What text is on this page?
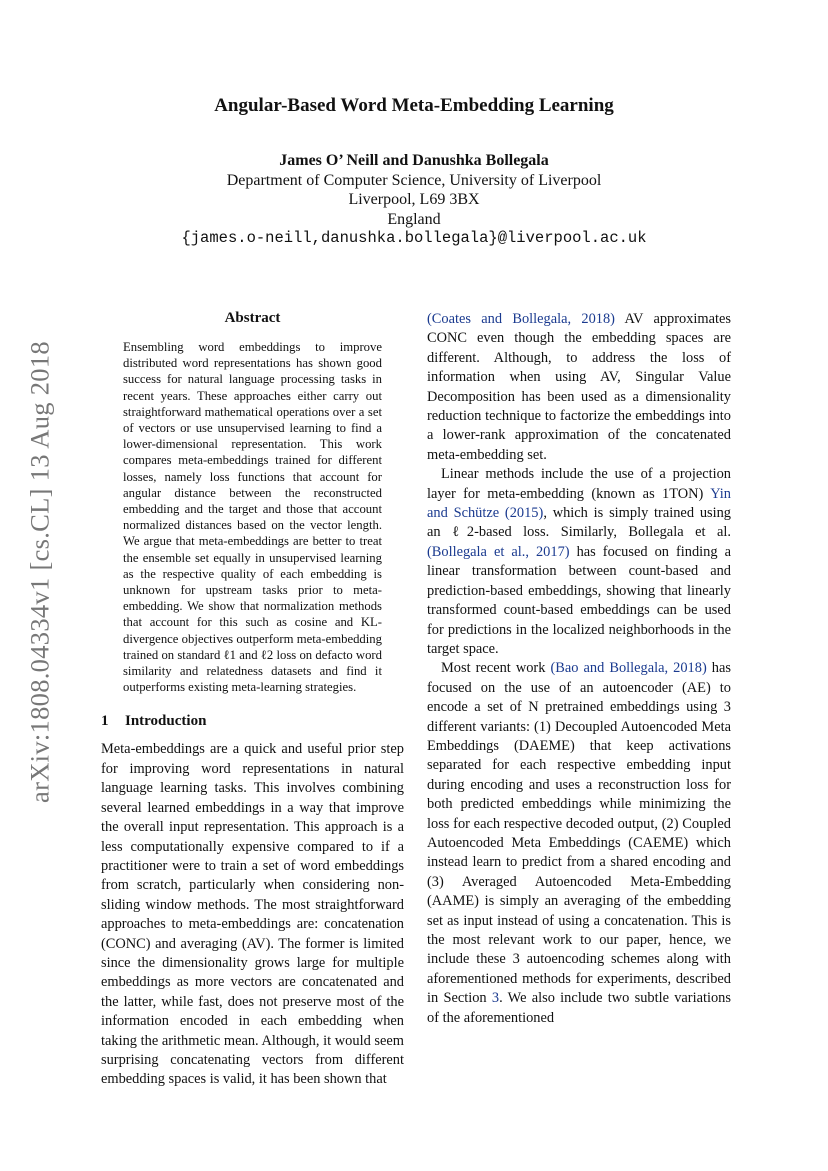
arXiv:1808.04334v1 [cs.CL] 13 Aug 2018
Angular-Based Word Meta-Embedding Learning
James O’ Neill and Danushka Bollegala
Department of Computer Science, University of Liverpool
Liverpool, L69 3BX
England
{james.o-neill,danushka.bollegala}@liverpool.ac.uk
Abstract

Ensembling word embeddings to improve distributed word representations has shown good success for natural language processing tasks in recent years. These approaches either carry out straightforward mathematical operations over a set of vectors or use unsupervised learning to find a lower-dimensional representation. This work compares meta-embeddings trained for different losses, namely loss functions that account for angular distance between the reconstructed embedding and the target and those that account normalized distances based on the vector length. We argue that meta-embeddings are better to treat the ensemble set equally in unsupervised learning as the respective quality of each embedding is unknown for upstream tasks prior to meta-embedding. We show that normalization methods that account for this such as cosine and KL-divergence objectives outperform meta-embedding trained on standard ℓ1 and ℓ2 loss on defacto word similarity and relatedness datasets and find it outperforms existing meta-learning strategies.

1 Introduction

Meta-embeddings are a quick and useful prior step for improving word representations in natural language learning tasks. This involves combining several learned embeddings in a way that improve the overall input representation. This approach is a less computationally expensive compared to if a practitioner were to train a set of word embeddings from scratch, particularly when considering non-sliding window methods. The most straightforward approaches to meta-embeddings are: concatenation (CONC) and averaging (AV). The former is limited since the dimensionality grows large for multiple embeddings as more vectors are concatenated and the latter, while fast, does not preserve most of the information encoded in each embedding when taking the arithmetic mean. Although, it would seem surprising concatenating vectors from different embedding spaces is valid, it has been shown that

(Coates and Bollegala, 2018) AV approximates CONC even though the embedding spaces are different. Although, to address the loss of information when using AV, Singular Value Decomposition has been used as a dimensionality reduction technique to factorize the embeddings into a lower-rank approximation of the concatenated meta-embedding set.

Linear methods include the use of a projection layer for meta-embedding (known as 1TON) Yin and Schütze (2015), which is simply trained using an ℓ2-based loss. Similarly, Bollegala et al. (Bollegala et al., 2017) has focused on finding a linear transformation between count-based and prediction-based embeddings, showing that linearly transformed count-based embeddings can be used for predictions in the localized neighborhoods in the target space.

Most recent work (Bao and Bollegala, 2018) has focused on the use of an autoencoder (AE) to encode a set of N pretrained embeddings using 3 different variants: (1) Decoupled Autoencoded Meta Embeddings (DAEME) that keep activations separated for each respective embedding input during encoding and uses a reconstruction loss for both predicted embeddings while minimizing the loss for each respective decoded output, (2) Coupled Autoencoded Meta Embeddings (CAEME) which instead learn to predict from a shared encoding and (3) Averaged Autoencoded Meta-Embedding (AAME) is simply an averaging of the embedding set as input instead of using a concatenation. This is the most relevant work to our paper, hence, we include these 3 autoencoding schemes along with aforementioned methods for experiments, described in Section 3. We also include two subtle variations of the aforementioned
